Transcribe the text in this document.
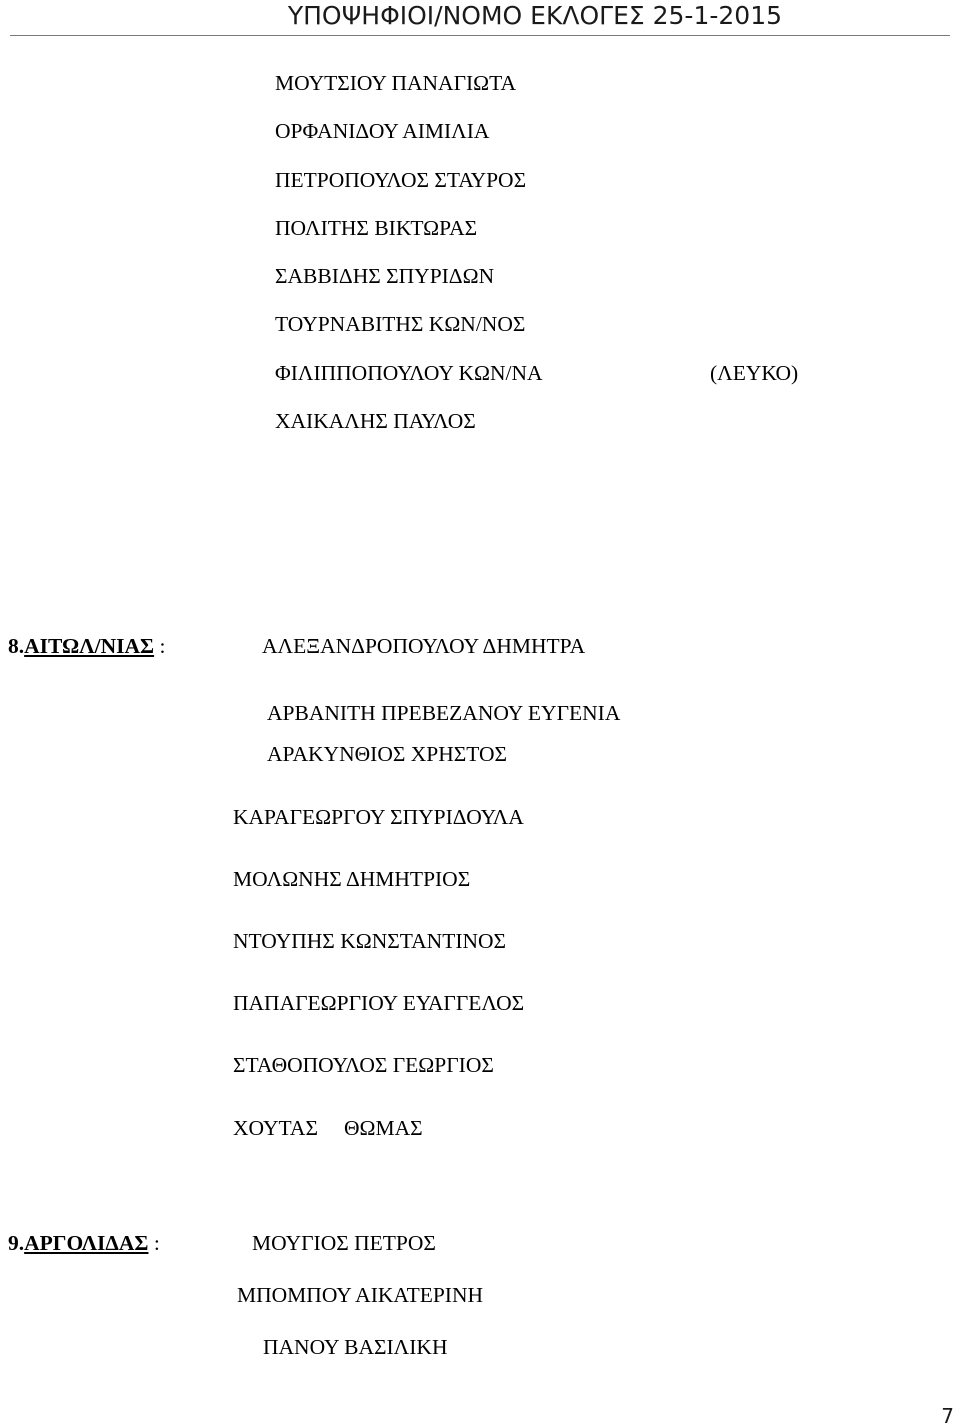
ΥΠΟΨΗΦΙΟΙ/ΝΟΜΟ ΕΚΛΟΓΕΣ 25-1-2015
ΜΟΥΤΣΙΟΥ ΠΑΝΑΓΙΩΤΑ
ΟΡΦΑΝΙΔΟΥ ΑΙΜΙΛΙΑ
ΠΕΤΡΟΠΟΥΛΟΣ ΣΤΑΥΡΟΣ
ΠΟΛΙΤΗΣ ΒΙΚΤΩΡΑΣ
ΣΑΒΒΙΔΗΣ ΣΠΥΡΙΔΩΝ
ΤΟΥΡΝΑΒΙΤΗΣ ΚΩΝ/ΝΟΣ
ΦΙΛΙΠΠΟΠΟΥΛΟΥ ΚΩΝ/ΝΑ	(ΛΕΥΚΟ)
ΧΑΙΚΑΛΗΣ ΠΑΥΛΟΣ
8.ΑΙΤΩΛ/ΝΙΑΣ :	ΑΛΕΞΑΝΔΡΟΠΟΥΛΟΥ ΔΗΜΗΤΡΑ
ΑΡΒΑΝΙΤΗ ΠΡΕΒΕΖΑΝΟΥ ΕΥΓΕΝΙΑ
ΑΡΑΚΥΝΘΙΟΣ ΧΡΗΣΤΟΣ
ΚΑΡΑΓΕΩΡΓΟΥ ΣΠΥΡΙΔΟΥΛΑ
ΜΟΛΩΝΗΣ ΔΗΜΗΤΡΙΟΣ
ΝΤΟΥΠΗΣ ΚΩΝΣΤΑΝΤΙΝΟΣ
ΠΑΠΑΓΕΩΡΓΙΟΥ ΕΥΑΓΓΕΛΟΣ
ΣΤΑΘΟΠΟΥΛΟΣ ΓΕΩΡΓΙΟΣ
ΧΟΥΤΑΣ ΘΩΜΑΣ
9.ΑΡΓΟΛΙΔΑΣ :	ΜΟΥΓΙΟΣ ΠΕΤΡΟΣ
ΜΠΟΜΠΟΥ ΑΙΚΑΤΕΡΙΝΗ
ΠΑΝΟΥ ΒΑΣΙΛΙΚΗ
7
